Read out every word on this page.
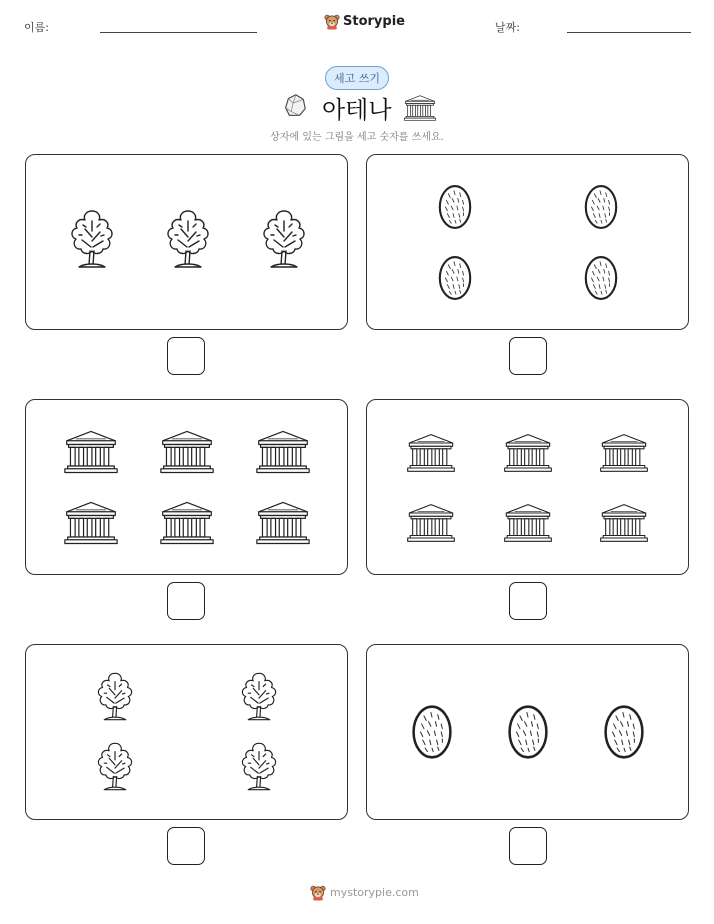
이름:	Storypie	날짜:
세고 쓰기
아테나
상자에 있는 그림을 세고 숫자를 쓰세요.
mystorypie.com
